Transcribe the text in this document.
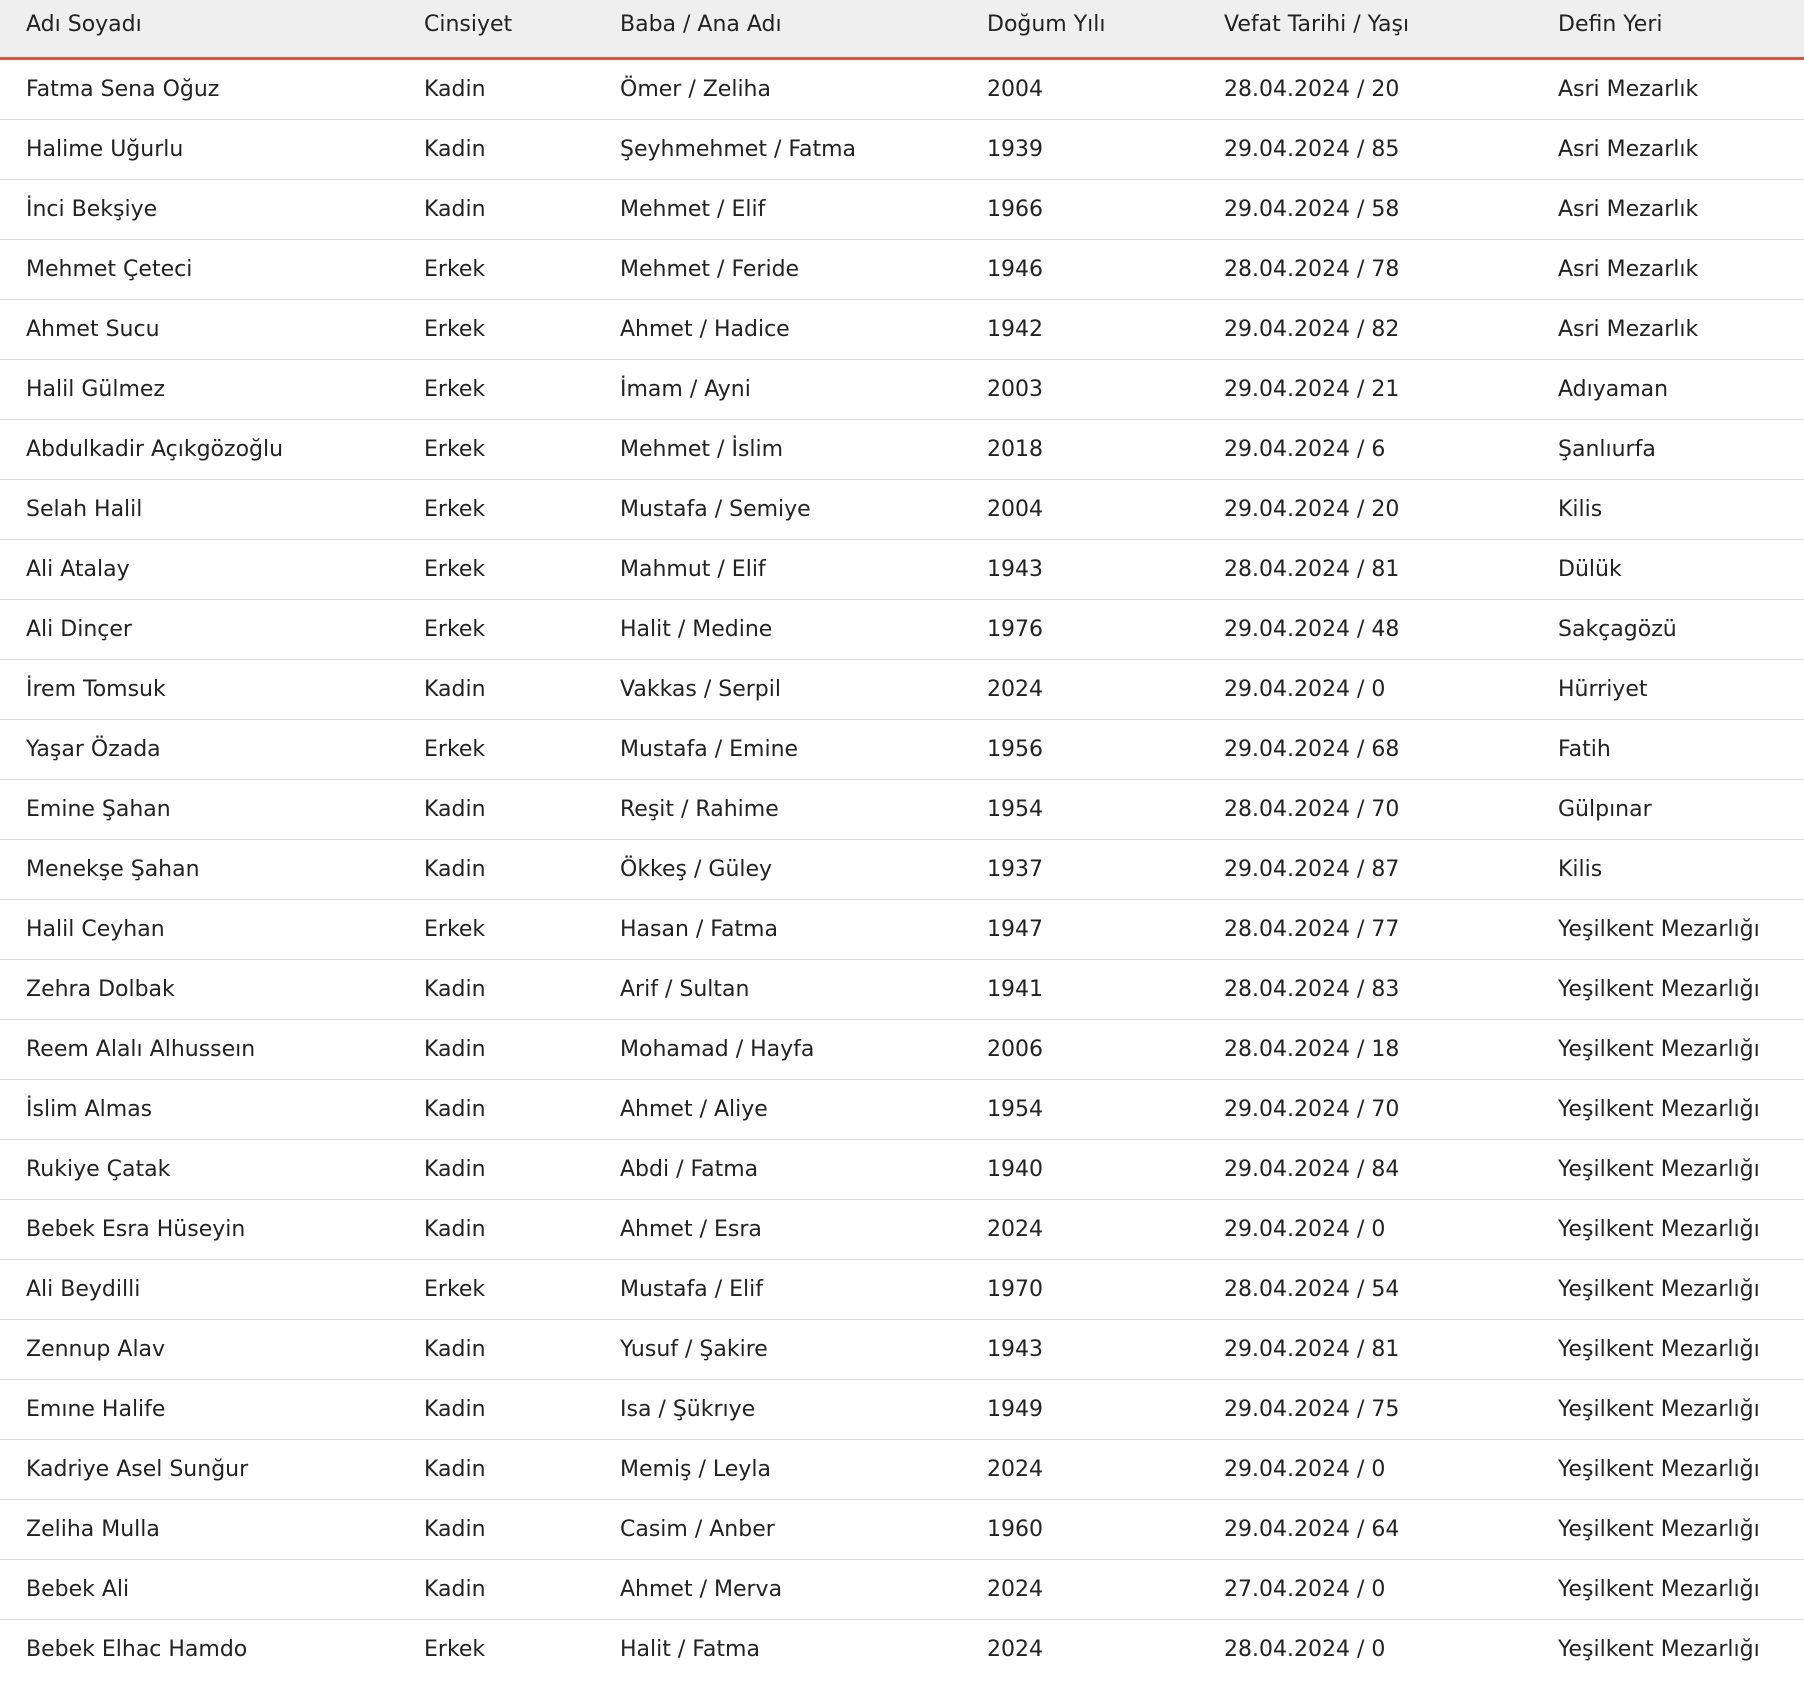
Adı Soyadı	Cinsiyet	Baba / Ana Adı	Doğum Yılı	Vefat Tarihi / Yaşı	Defin Yeri
Fatma Sena Oğuz	Kadin	Ömer / Zeliha	2004	28.04.2024 / 20	Asri Mezarlık
Halime Uğurlu	Kadin	Şeyhmehmet / Fatma	1939	29.04.2024 / 85	Asri Mezarlık
İnci Bekşiye	Kadin	Mehmet / Elif	1966	29.04.2024 / 58	Asri Mezarlık
Mehmet Çeteci	Erkek	Mehmet / Feride	1946	28.04.2024 / 78	Asri Mezarlık
Ahmet Sucu	Erkek	Ahmet / Hadice	1942	29.04.2024 / 82	Asri Mezarlık
Halil Gülmez	Erkek	İmam / Ayni	2003	29.04.2024 / 21	Adıyaman
Abdulkadir Açıkgözoğlu	Erkek	Mehmet / İslim	2018	29.04.2024 / 6	Şanlıurfa
Selah Halil	Erkek	Mustafa / Semiye	2004	29.04.2024 / 20	Kilis
Ali Atalay	Erkek	Mahmut / Elif	1943	28.04.2024 / 81	Dülük
Ali Dinçer	Erkek	Halit / Medine	1976	29.04.2024 / 48	Sakçagözü
İrem Tomsuk	Kadin	Vakkas / Serpil	2024	29.04.2024 / 0	Hürriyet
Yaşar Özada	Erkek	Mustafa / Emine	1956	29.04.2024 / 68	Fatih
Emine Şahan	Kadin	Reşit / Rahime	1954	28.04.2024 / 70	Gülpınar
Menekşe Şahan	Kadin	Ökkeş / Güley	1937	29.04.2024 / 87	Kilis
Halil Ceyhan	Erkek	Hasan / Fatma	1947	28.04.2024 / 77	Yeşilkent Mezarlığı
Zehra Dolbak	Kadin	Arif / Sultan	1941	28.04.2024 / 83	Yeşilkent Mezarlığı
Reem Alalı Alhusseın	Kadin	Mohamad / Hayfa	2006	28.04.2024 / 18	Yeşilkent Mezarlığı
İslim Almas	Kadin	Ahmet / Aliye	1954	29.04.2024 / 70	Yeşilkent Mezarlığı
Rukiye Çatak	Kadin	Abdi / Fatma	1940	29.04.2024 / 84	Yeşilkent Mezarlığı
Bebek Esra Hüseyin	Kadin	Ahmet / Esra	2024	29.04.2024 / 0	Yeşilkent Mezarlığı
Ali Beydilli	Erkek	Mustafa / Elif	1970	28.04.2024 / 54	Yeşilkent Mezarlığı
Zennup Alav	Kadin	Yusuf / Şakire	1943	29.04.2024 / 81	Yeşilkent Mezarlığı
Emıne Halife	Kadin	Isa / Şükrıye	1949	29.04.2024 / 75	Yeşilkent Mezarlığı
Kadriye Asel Sunğur	Kadin	Memiş / Leyla	2024	29.04.2024 / 0	Yeşilkent Mezarlığı
Zeliha Mulla	Kadin	Casim / Anber	1960	29.04.2024 / 64	Yeşilkent Mezarlığı
Bebek Ali	Kadin	Ahmet / Merva	2024	27.04.2024 / 0	Yeşilkent Mezarlığı
Bebek Elhac Hamdo	Erkek	Halit / Fatma	2024	28.04.2024 / 0	Yeşilkent Mezarlığı
